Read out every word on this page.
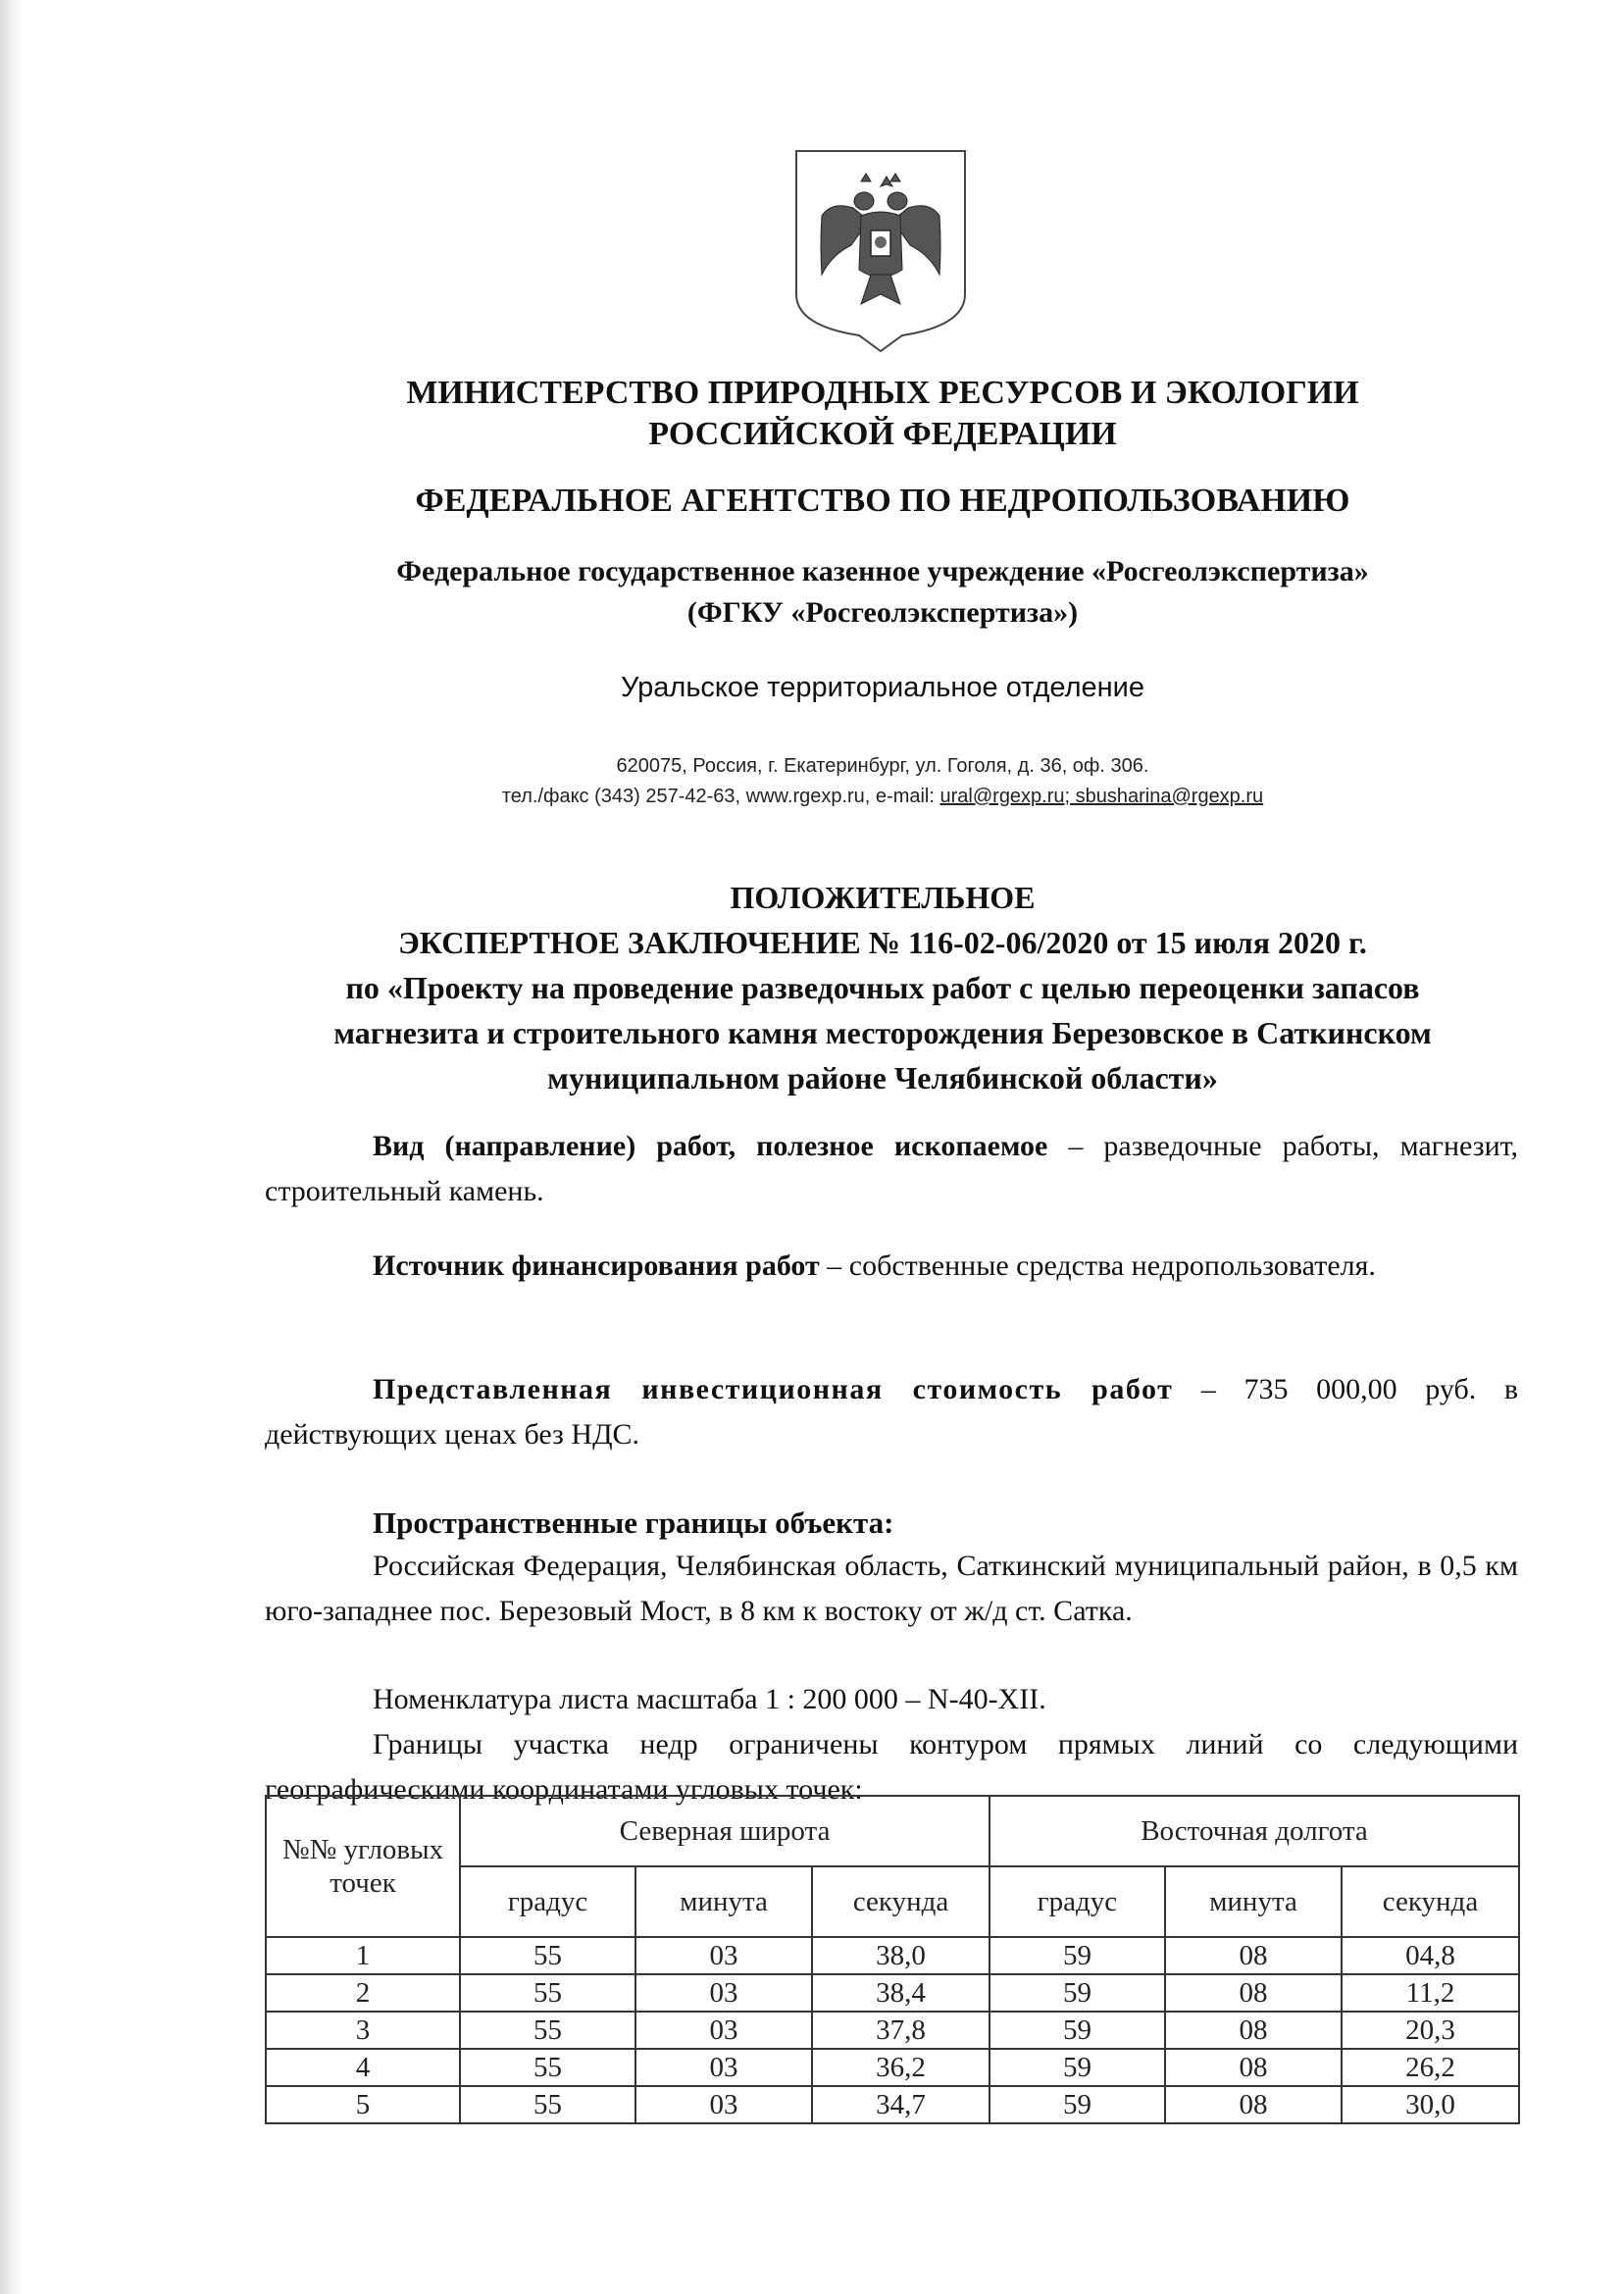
МИНИСТЕРСТВО ПРИРОДНЫХ РЕСУРСОВ И ЭКОЛОГИИ
РОССИЙСКОЙ ФЕДЕРАЦИИ
ФЕДЕРАЛЬНОЕ АГЕНТСТВО ПО НЕДРОПОЛЬЗОВАНИЮ
Федеральное государственное казенное учреждение «Росгеолэкспертиза»
(ФГКУ «Росгеолэкспертиза»)
Уральское территориальное отделение
620075, Россия, г. Екатеринбург, ул. Гоголя, д. 36, оф. 306.
тел./факс (343) 257-42-63, www.rgexp.ru, e-mail: ural@rgexp.ru; sbusharina@rgexp.ru
ПОЛОЖИТЕЛЬНОЕ
ЭКСПЕРТНОЕ ЗАКЛЮЧЕНИЕ № 116-02-06/2020 от 15 июля 2020 г.
по «Проекту на проведение разведочных работ с целью переоценки запасов
магнезита и строительного камня месторождения Березовское в Саткинском
муниципальном районе Челябинской области»
Вид (направление) работ, полезное ископаемое – разведочные работы, магнезит, строительный камень.
Источник финансирования работ – собственные средства недропользователя.
Представленная инвестиционная стоимость работ – 735 000,00 руб. в действующих ценах без НДС.
Пространственные границы объекта:
Российская Федерация, Челябинская область, Саткинский муниципальный район, в 0,5 км юго-западнее пос. Березовый Мост, в 8 км к востоку от ж/д ст. Сатка.
Номенклатура листа масштаба 1 : 200 000 – N-40-XII.
Границы участка недр ограничены контуром прямых линий со следующими географическими координатами угловых точек:
№№ угловых точек	Северная широта			Восточная долгота		
	градус	минута	секунда	градус	минута	секунда
1	55	03	38,0	59	08	04,8
2	55	03	38,4	59	08	11,2
3	55	03	37,8	59	08	20,3
4	55	03	36,2	59	08	26,2
5	55	03	34,7	59	08	30,0
